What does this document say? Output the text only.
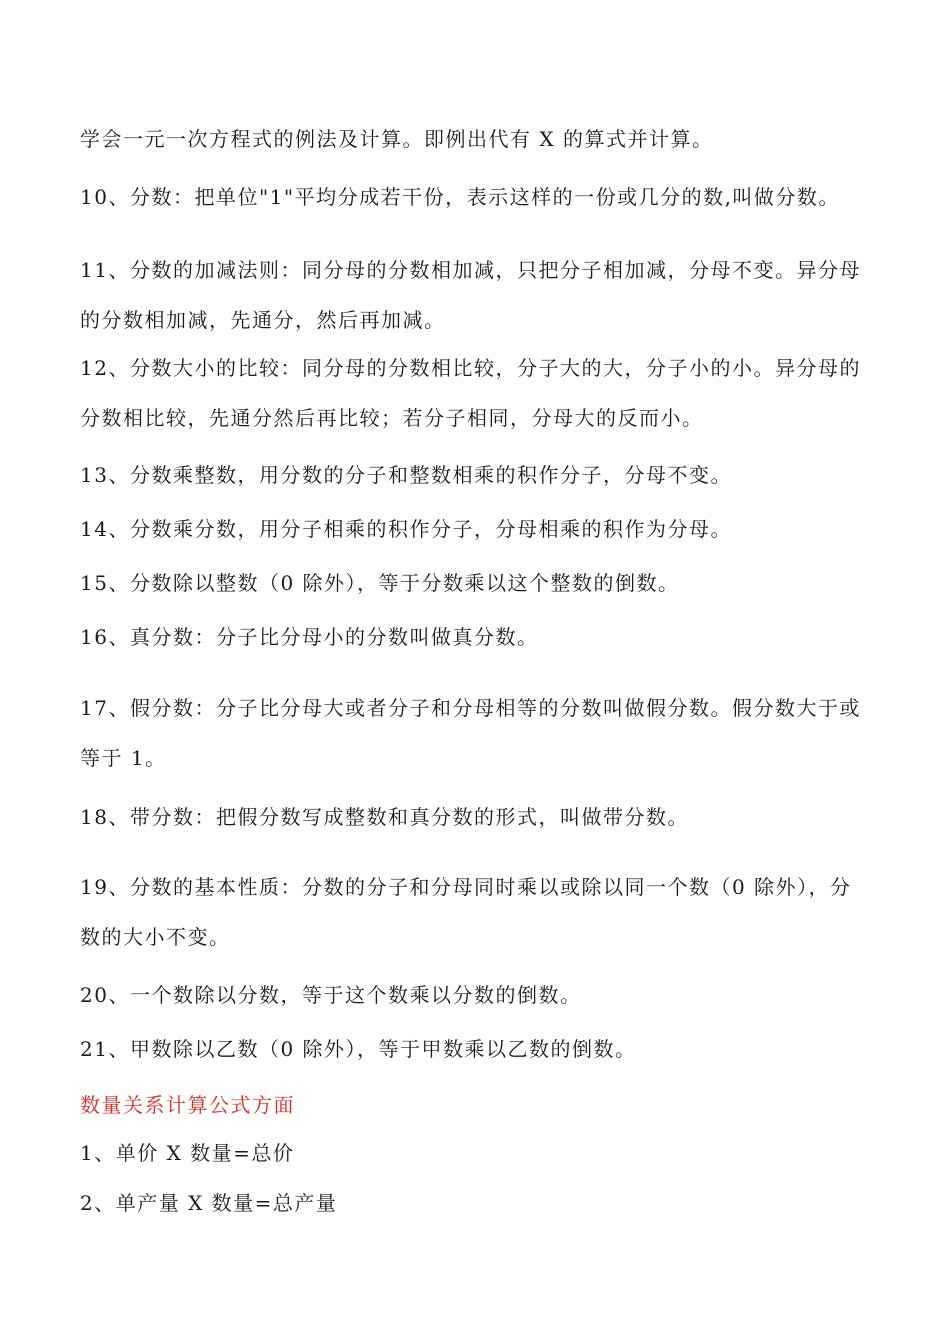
学会一元一次方程式的例法及计算。即例出代有 X 的算式并计算。

10、分数：把单位"1"平均分成若干份，表示这样的一份或几分的数,叫做分数。

11、分数的加减法则：同分母的分数相加减，只把分子相加减，分母不变。异分母的分数相加减，先通分，然后再加减。

12、分数大小的比较：同分母的分数相比较，分子大的大，分子小的小。异分母的分数相比较，先通分然后再比较；若分子相同，分母大的反而小。

13、分数乘整数，用分数的分子和整数相乘的积作分子，分母不变。

14、分数乘分数，用分子相乘的积作分子，分母相乘的积作为分母。

15、分数除以整数（0 除外），等于分数乘以这个整数的倒数。

16、真分数：分子比分母小的分数叫做真分数。

17、假分数：分子比分母大或者分子和分母相等的分数叫做假分数。假分数大于或等于 1。

18、带分数：把假分数写成整数和真分数的形式，叫做带分数。

19、分数的基本性质：分数的分子和分母同时乘以或除以同一个数（0 除外），分数的大小不变。

20、一个数除以分数，等于这个数乘以分数的倒数。

21、甲数除以乙数（0 除外），等于甲数乘以乙数的倒数。

数量关系计算公式方面

1、单价 X 数量=总价

2、单产量 X 数量=总产量
